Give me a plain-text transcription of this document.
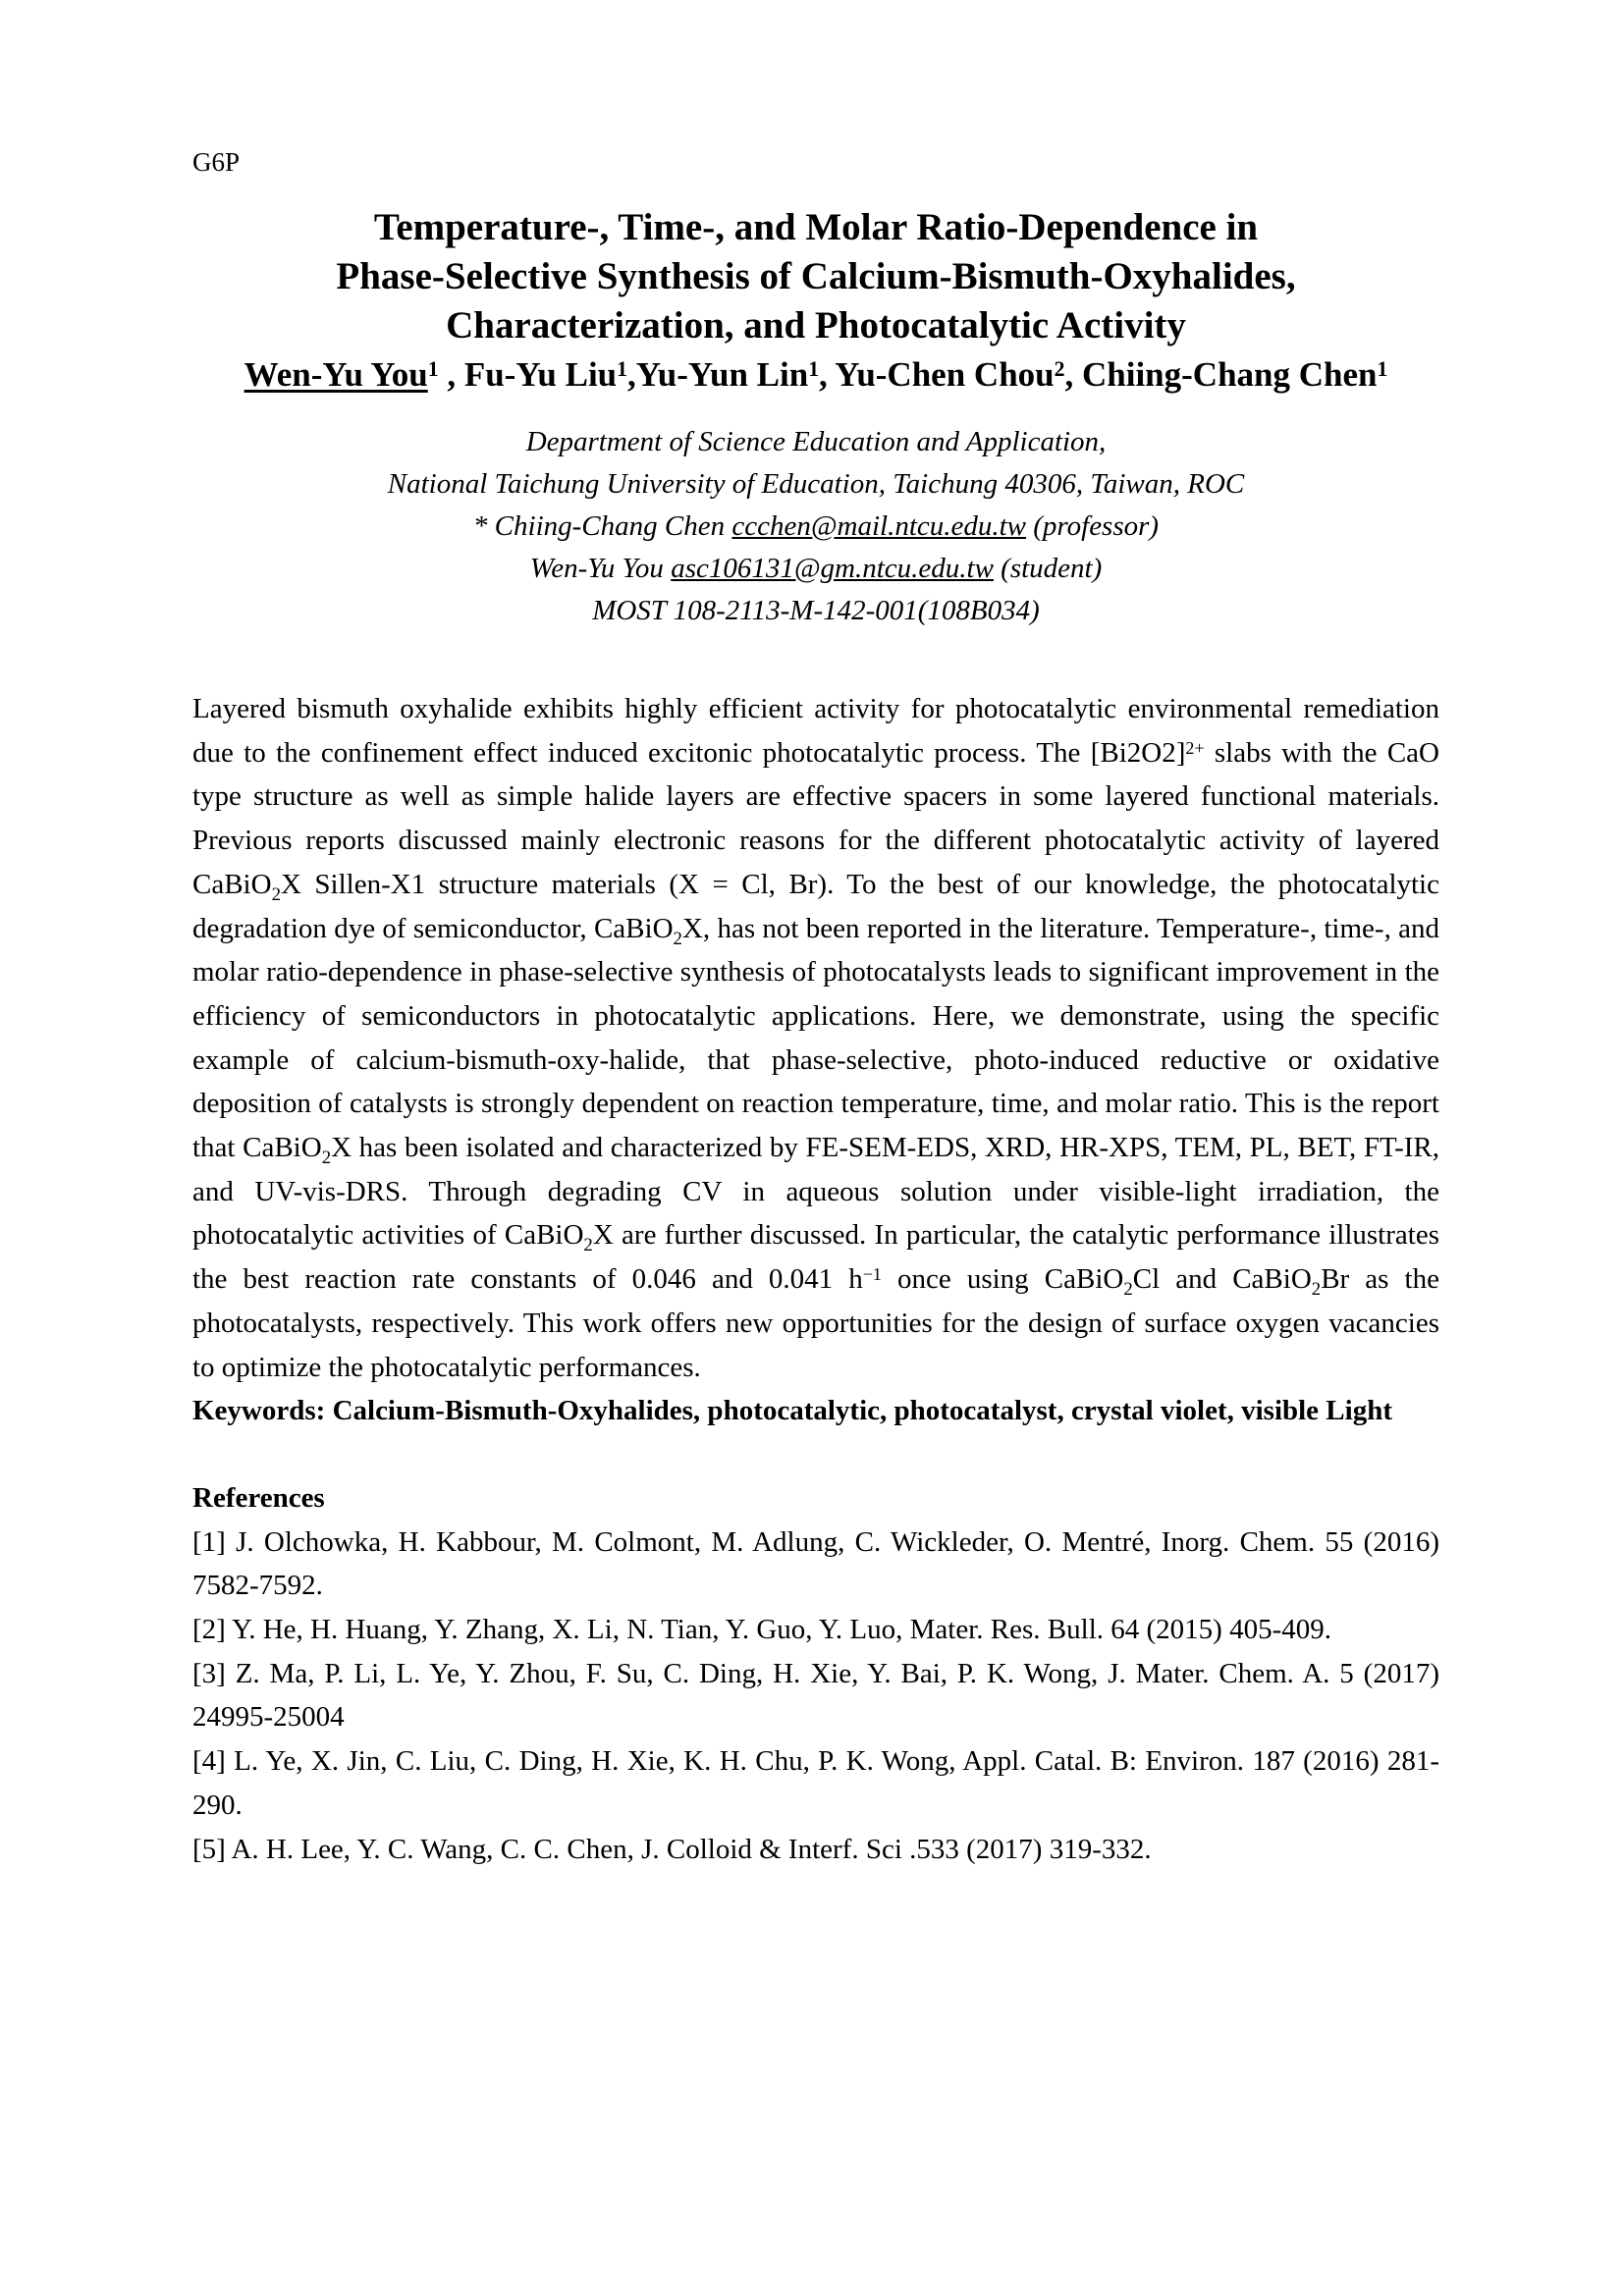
G6P
Temperature-, Time-, and Molar Ratio-Dependence in
Phase-Selective Synthesis of Calcium-Bismuth-Oxyhalides,
Characterization, and Photocatalytic Activity
Wen-Yu You$^1$ , Fu-Yu Liu$^1$,Yu-Yun Lin$^1$, Yu-Chen Chou$^2$, Chiing-Chang Chen$^1$
Department of Science Education and Application,
National Taichung University of Education, Taichung 40306, Taiwan, ROC
* Chiing-Chang Chen ccchen@mail.ntcu.edu.tw (professor)
Wen-Yu You asc106131@gm.ntcu.edu.tw (student)
MOST 108-2113-M-142-001(108B034)
Layered bismuth oxyhalide exhibits highly efficient activity for photocatalytic environmental remediation due to the confinement effect induced excitonic photocatalytic process. The $[Bi2O2]^{2+}$ slabs with the CaO type structure as well as simple halide layers are effective spacers in some layered functional materials. Previous reports discussed mainly electronic reasons for the different photocatalytic activity of layered CaBiO$_2$X Sillen-X1 structure materials (X = Cl, Br). To the best of our knowledge, the photocatalytic degradation dye of semiconductor, CaBiO$_2$X, has not been reported in the literature. Temperature-, time-, and molar ratio-dependence in phase-selective synthesis of photocatalysts leads to significant improvement in the efficiency of semiconductors in photocatalytic applications. Here, we demonstrate, using the specific example of calcium-bismuth-oxy-halide, that phase-selective, photo-induced reductive or oxidative deposition of catalysts is strongly dependent on reaction temperature, time, and molar ratio. This is the report that CaBiO$_2$X has been isolated and characterized by FE-SEM-EDS, XRD, HR-XPS, TEM, PL, BET, FT-IR, and UV-vis-DRS. Through degrading CV in aqueous solution under visible-light irradiation, the photocatalytic activities of CaBiO$_2$X are further discussed. In particular, the catalytic performance illustrates the best reaction rate constants of 0.046 and 0.041 $h^{-1}$ once using CaBiO$_2$Cl and CaBiO$_2$Br as the photocatalysts, respectively. This work offers new opportunities for the design of surface oxygen vacancies to optimize the photocatalytic performances.
Keywords: Calcium-Bismuth-Oxyhalides, photocatalytic, photocatalyst, crystal violet, visible Light
References
[1] J. Olchowka, H. Kabbour, M. Colmont, M. Adlung, C. Wickleder, O. Mentré, Inorg. Chem. 55 (2016) 7582-7592.
[2] Y. He, H. Huang, Y. Zhang, X. Li, N. Tian, Y. Guo, Y. Luo, Mater. Res. Bull. 64 (2015) 405-409.
[3] Z. Ma, P. Li, L. Ye, Y. Zhou, F. Su, C. Ding, H. Xie, Y. Bai, P. K. Wong, J. Mater. Chem. A. 5 (2017) 24995-25004
[4] L. Ye, X. Jin, C. Liu, C. Ding, H. Xie, K. H. Chu, P. K. Wong, Appl. Catal. B: Environ. 187 (2016) 281-290.
[5] A. H. Lee, Y. C. Wang, C. C. Chen, J. Colloid & Interf. Sci .533 (2017) 319-332.
